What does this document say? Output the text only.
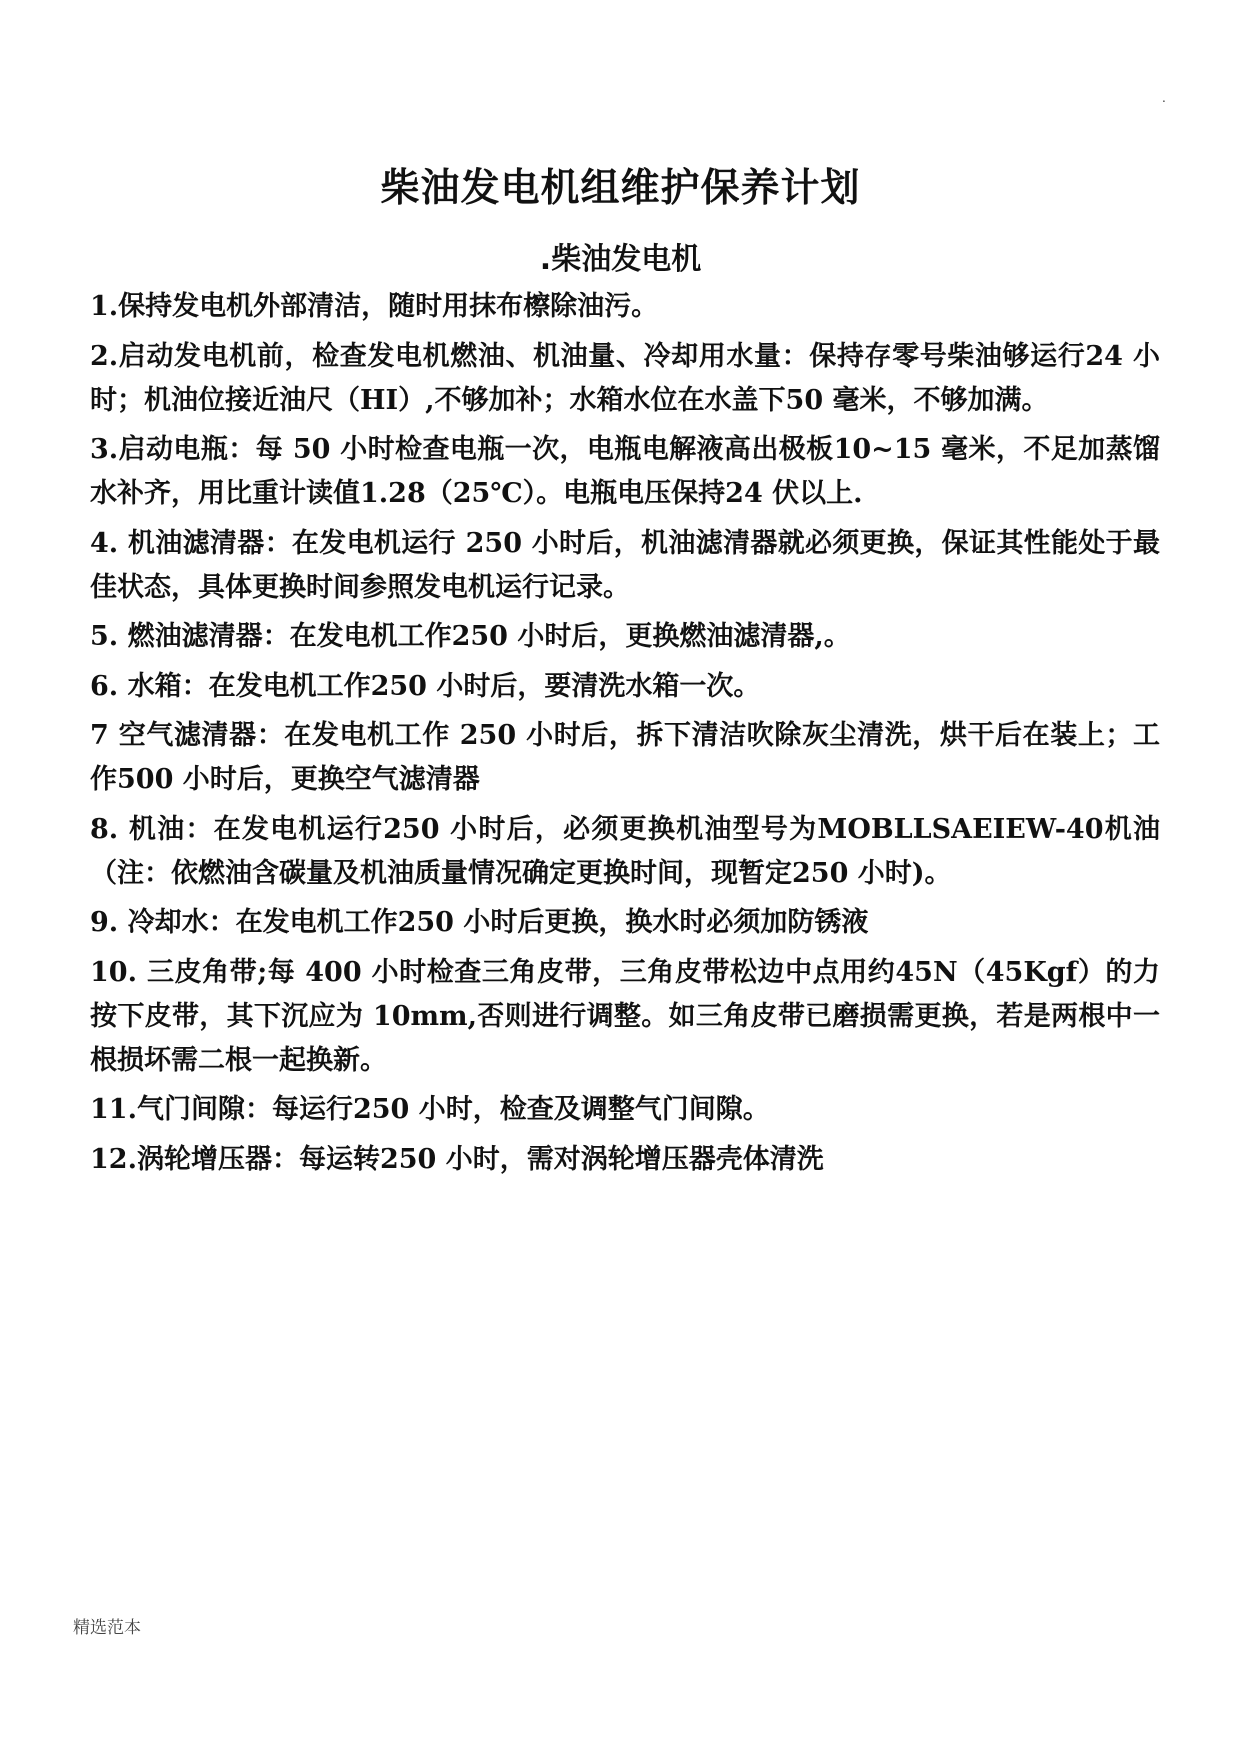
.
柴油发电机组维护保养计划
.柴油发电机
1.保持发电机外部清洁，随时用抹布檫除油污。
2.启动发电机前，检查发电机燃油、机油量、冷却用水量：保持存零号柴油够运行24 小时；机油位接近油尺（HI）,不够加补；水箱水位在水盖下50 毫米，不够加满。
3.启动电瓶：每 50 小时检查电瓶一次，电瓶电解液高出极板10~15 毫米，不足加蒸馏水补齐，用比重计读值1.28（25℃）。电瓶电压保持24 伏以上.
4. 机油滤清器：在发电机运行 250 小时后，机油滤清器就必须更换，保证其性能处于最佳状态，具体更换时间参照发电机运行记录。
5. 燃油滤清器：在发电机工作250 小时后，更换燃油滤清器,。
6. 水箱：在发电机工作250 小时后，要清洗水箱一次。
7 空气滤清器：在发电机工作 250 小时后，拆下清洁吹除灰尘清洗，烘干后在装上；工作500 小时后，更换空气滤清器
8. 机油：在发电机运行250 小时后，必须更换机油型号为MOBLLSAEIEW-40机油（注：依燃油含碳量及机油质量情况确定更换时间，现暂定250 小时)。
9. 冷却水：在发电机工作250 小时后更换，换水时必须加防锈液
10. 三皮角带;每 400 小时检查三角皮带，三角皮带松边中点用约45N（45Kgf）的力按下皮带，其下沉应为 10mm,否则进行调整。如三角皮带已磨损需更换，若是两根中一根损坏需二根一起换新。
11.气门间隙：每运行250 小时，检查及调整气门间隙。
12.涡轮增压器：每运转250 小时，需对涡轮增压器壳体清洗
精选范本
